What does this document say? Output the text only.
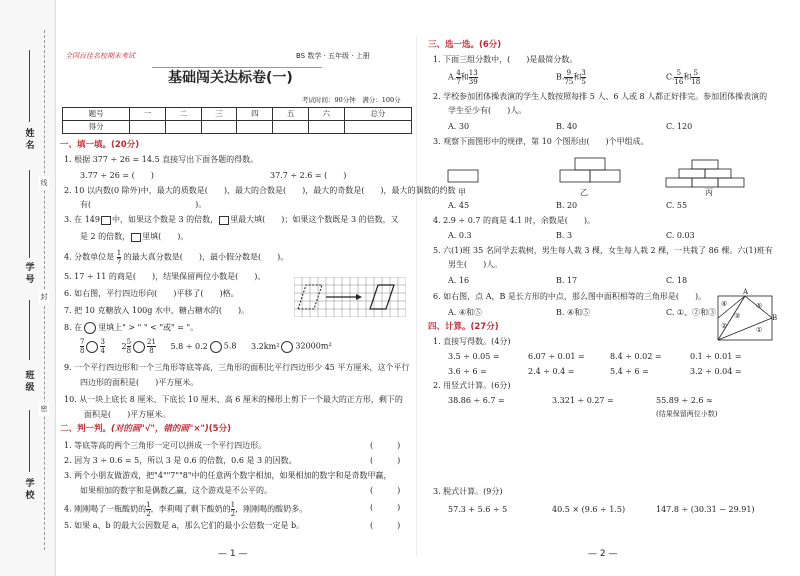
姓名
线
学号
封
班级
密
学校
全国百佳名校期末考试	BS 数学 · 五年级 · 上册
基础闯关达标卷(一)
考试时间：90分钟　满分：100分
题号	一	二	三	四	五	六	总分
得分							
一、填一填。(20分)
1. 根据 377 ÷ 26 = 14.5 直接写出下面各题的得数。
3.77 ÷ 26 = (　　)	37.7 ÷ 2.6 = (　　)
2. 10 以内数(0 除外)中，最大的质数是(　　)，最大的合数是(　　)，最大的奇数是(　　)，最大的偶数的约数
有(　　　　　　　　　　　　　)。
3. 在 149 中，如果这个数是 3 的倍数， 里最大填(　　)；如果这个数既是 3 的倍数，又
是 2 的倍数， 里填(　　)。
4. 分数单位是 $\frac{1}{7}$ 的最大真分数是(　　)，最小假分数是(　　)。
5. 17 ÷ 11 的商是(　　)，结果保留两位小数是(　　)。
6. 如右图，平行四边形向(　　)平移了(　　)格。
7. 把 10 克糖放入 100g 水中，糖占糖水的(　　)。
8. 在 里填上" > " " < "或" = "。
$\frac{7}{8} \frac{3}{4} 2 \frac{5}{8} \frac{21}{8} 5.8 \div 0.2$ 5.8 3.2km² 32000m²
9. 一个平行四边形和一个三角形等底等高，三角形的面积比平行四边形少 45 平方厘米，这个平行
四边形的面积是(　　)平方厘米。
10. 从一块上底长 8 厘米、下底长 10 厘米、高 6 厘米的梯形上剪下一个最大的正方形，剩下的
面积是(　　)平方厘米。
二、判一判。(对的画"√"，错的画"×")(5分)
1. 等底等高的两个三角形一定可以拼成一个平行四边形。	(　　　)
2. 因为 3 ÷ 0.6 = 5，所以 3 是 0.6 的倍数，0.6 是 3 的因数。	(　　　)
3. 两个小朋友做游戏，把"4""7""8"中的任意两个数字相加，如果相加的数字和是奇数甲赢，
如果相加的数字和是偶数乙赢，这个游戏是不公平的。	(　　　)
4. 刚刚喝了一瓶酸奶的 $\frac{1}{2}$ ，李莉喝了剩下酸奶的 $\frac{1}{2}$ ，刚刚喝的酸奶多。	(　　　)
5. 如果 a、b 的最大公因数是 a，那么它们的最小公倍数一定是 b。	(　　　)
— 1 —
三、选一选。(6分)
1. 下面三组分数中，(　　)是最简分数。
A. $\frac{4}{7}$ 和 $\frac{13}{39}$	B. $\frac{9}{75}$ 和 $\frac{3}{5}$	C. $\frac{5}{16}$ 和 $\frac{5}{18}$
2. 学校参加团体操表演的学生人数按照每排 5 人、6 人或 8 人都正好排完。参加团体操表演的
学生至少有(　　)人。
A. 30	B. 40	C. 120
3. 观察下面图形中的规律，第 10 个图形由(　　)个甲组成。
甲	乙	丙
A. 45	B. 20	C. 55
4. 2.9 ÷ 0.7 的商是 4.1 时，余数是(　　)。
A. 0.3	B. 3	C. 0.03
5. 六(1)班 35 名同学去栽树，男生每人栽 3 棵，女生每人栽 2 棵，一共栽了 86 棵。六(1)班有
男生(　　)人。
A. 16	B. 17	C. 18
6. 如右图，点 A，B 是长方形的中点，那么图中面积相等的三角形是(　　)。
A. ④和⑤	B. ④和⑤	C. ①、②和③
A
B
④
③
⑤
②	①
四、计算。(27分)
1. 直接写得数。(4分)
3.5 ÷ 0.05 =	6.07 ÷ 0.01 =	8.4 ÷ 0.02 =	0.1 ÷ 0.01 =
3.6 ÷ 6 =	2.4 ÷ 0.4 =	5.4 ÷ 6 =	3.2 ÷ 0.04 =
2. 用竖式计算。(6分)
38.86 ÷ 6.7 =	3.321 ÷ 0.27 =	55.89 ÷ 2.6 ≈
(结果保留两位小数)
3. 脱式计算。(9分)
57.3 + 5.6 ÷ 5	40.5 × (9.6 ÷ 1.5)	147.8 ÷ (30.31 − 29.91)
— 2 —
